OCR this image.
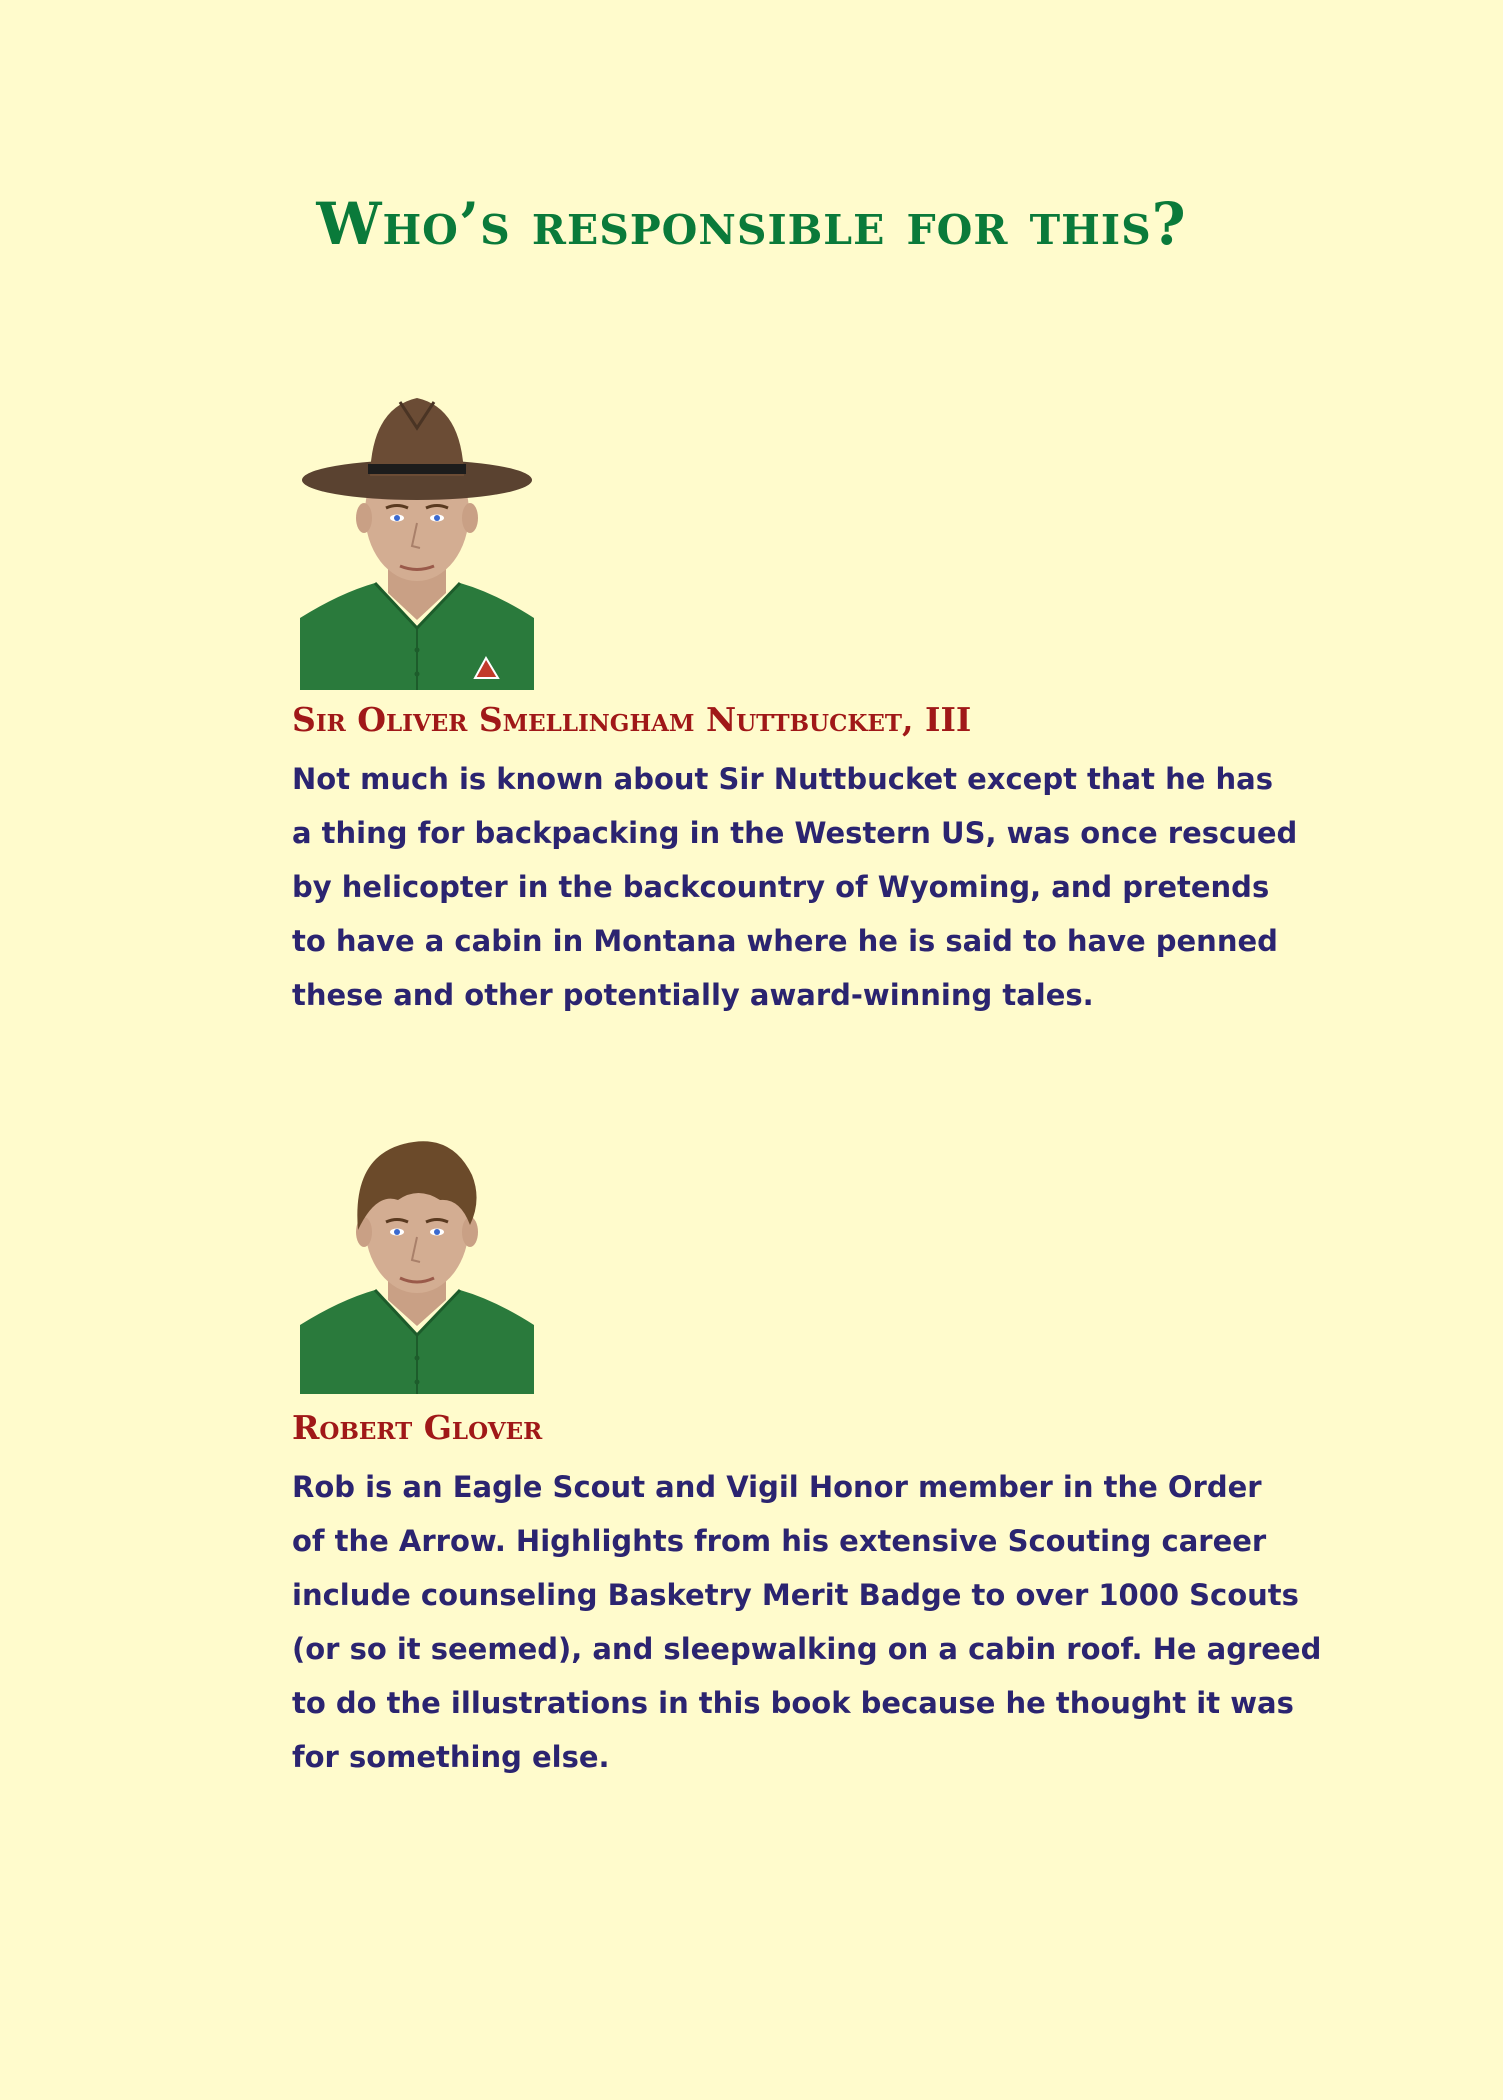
Who’s responsible for this?

Sir Oliver Smellingham Nuttbucket, III

Not much is known about Sir Nuttbucket except that he has
a thing for backpacking in the Western US, was once rescued
by helicopter in the backcountry of Wyoming, and pretends
to have a cabin in Montana where he is said to have penned
these and other potentially award-winning tales.

Robert Glover

Rob is an Eagle Scout and Vigil Honor member in the Order
of the Arrow. Highlights from his extensive Scouting career
include counseling Basketry Merit Badge to over 1000 Scouts
(or so it seemed), and sleepwalking on a cabin roof. He agreed
to do the illustrations in this book because he thought it was
for something else.
